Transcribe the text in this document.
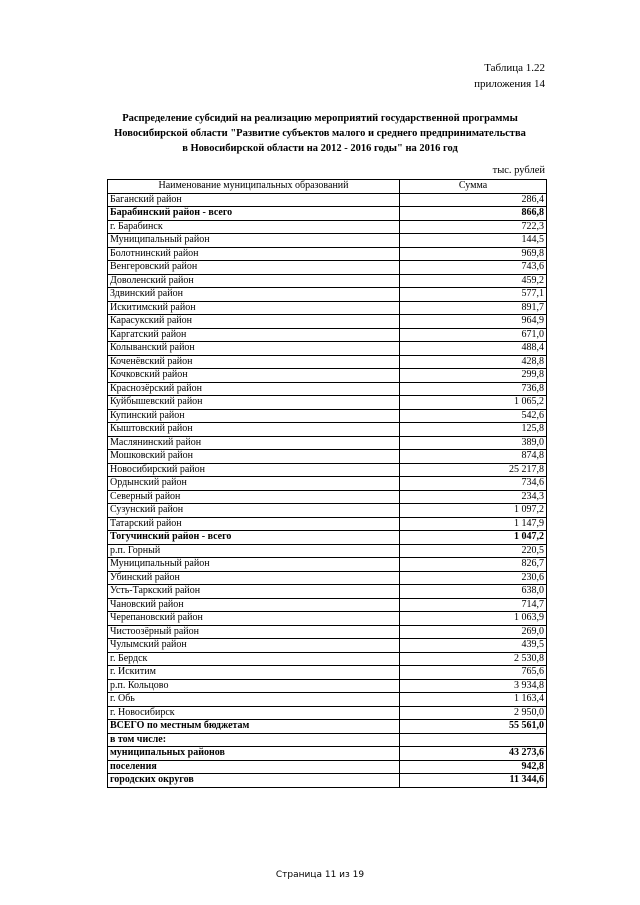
Таблица 1.22
приложения 14
Распределение субсидий на реализацию мероприятий государственной программы
Новосибирской области "Развитие субъектов малого и среднего предпринимательства
в Новосибирской области на 2012 - 2016 годы" на 2016 год
тыс. рублей
Наименование муниципальных образований	Сумма
Баганский район	286,4
Барабинский район - всего	866,8
г. Барабинск	722,3
Муниципальный район	144,5
Болотнинский район	969,8
Венгеровский район	743,6
Доволенский район	459,2
Здвинский район	577,1
Искитимский район	891,7
Карасукский район	964,9
Каргатский район	671,0
Колыванский район	488,4
Коченёвский район	428,8
Кочковский район	299,8
Краснозёрский район	736,8
Куйбышевский район	1 065,2
Купинский район	542,6
Кыштовский район	125,8
Маслянинский район	389,0
Мошковский район	874,8
Новосибирский район	25 217,8
Ордынский район	734,6
Северный район	234,3
Сузунский район	1 097,2
Татарский район	1 147,9
Тогучинский район - всего	1 047,2
р.п. Горный	220,5
Муниципальный район	826,7
Убинский район	230,6
Усть-Таркский район	638,0
Чановский район	714,7
Черепановский район	1 063,9
Чистоозёрный район	269,0
Чулымский район	439,5
г. Бердск	2 530,8
г. Искитим	765,6
р.п. Кольцово	3 934,8
г. Обь	1 163,4
г. Новосибирск	2 950,0
ВСЕГО по местным бюджетам	55 561,0
в том числе:	
муниципальных районов	43 273,6
поселения	942,8
городских округов	11 344,6
Страница 11 из 19
